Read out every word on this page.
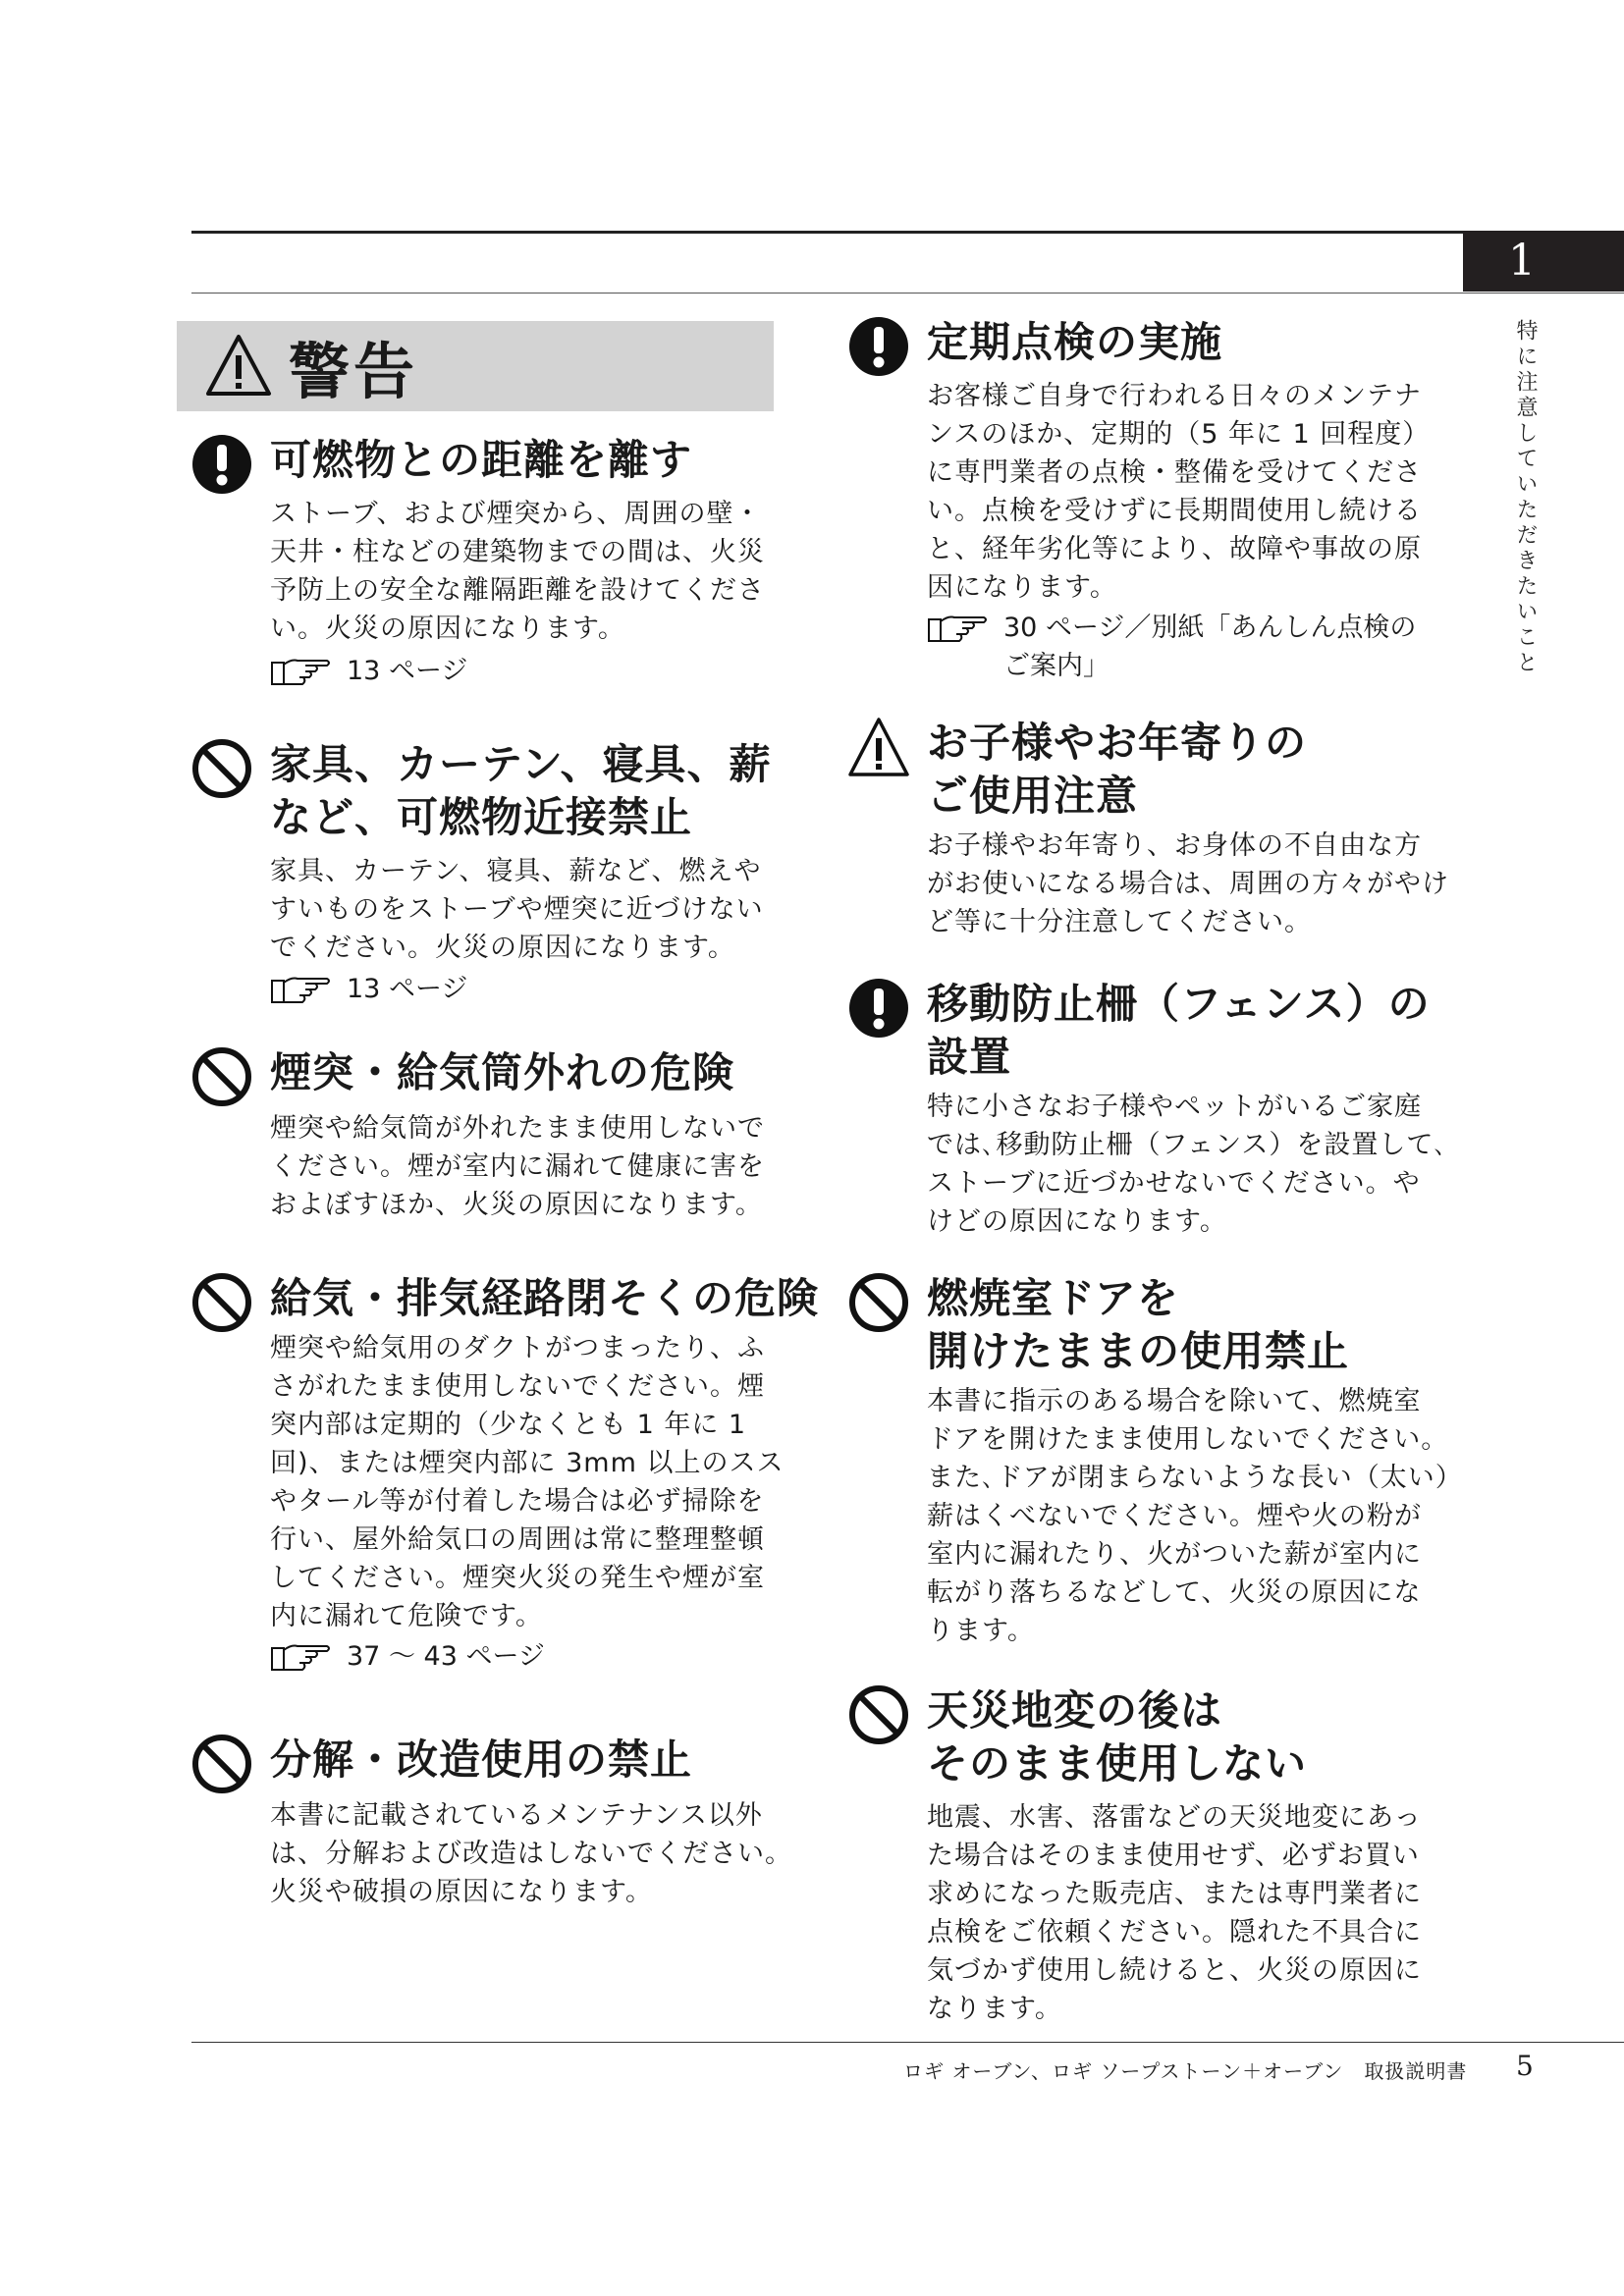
1
特に注意していただきたいこと
警告
可燃物との距離を離す
ストーブ、および煙突から、周囲の壁・
天井・柱などの建築物までの間は、火災
予防上の安全な離隔距離を設けてくださ
い。火災の原因になります。
13 ページ
家具、カーテン、寝具、薪
など、可燃物近接禁止
家具、カーテン、寝具、薪など、燃えや
すいものをストーブや煙突に近づけない
でください。火災の原因になります。
13 ページ
煙突・給気筒外れの危険
煙突や給気筒が外れたまま使用しないで
ください。煙が室内に漏れて健康に害を
およぼすほか、火災の原因になります。
給気・排気経路閉そくの危険
煙突や給気用のダクトがつまったり、ふ
さがれたまま使用しないでください。煙
突内部は定期的（少なくとも 1 年に 1
回)、または煙突内部に 3mm 以上のスス
やタール等が付着した場合は必ず掃除を
行い、屋外給気口の周囲は常に整理整頓
してください。煙突火災の発生や煙が室
内に漏れて危険です。
37 ～ 43 ページ
分解・改造使用の禁止
本書に記載されているメンテナンス以外
は、分解および改造はしないでください。
火災や破損の原因になります。
定期点検の実施
お客様ご自身で行われる日々のメンテナ
ンスのほか、定期的（5 年に 1 回程度）
に専門業者の点検・整備を受けてくださ
い。点検を受けずに長期間使用し続ける
と、経年劣化等により、故障や事故の原
因になります。
30 ページ／別紙「あんしん点検の
ご案内」
お子様やお年寄りの
ご使用注意
お子様やお年寄り、お身体の不自由な方
がお使いになる場合は、周囲の方々がやけ
ど等に十分注意してください。
移動防止柵（フェンス）の
設置
特に小さなお子様やペットがいるご家庭
では､移動防止柵（フェンス）を設置して､
ストーブに近づかせないでください。や
けどの原因になります。
燃焼室ドアを
開けたままの使用禁止
本書に指示のある場合を除いて、燃焼室
ドアを開けたまま使用しないでください。
また､ドアが閉まらないような長い（太い）
薪はくべないでください。煙や火の粉が
室内に漏れたり、火がついた薪が室内に
転がり落ちるなどして、火災の原因にな
ります。
天災地変の後は
そのまま使用しない
地震、水害、落雷などの天災地変にあっ
た場合はそのまま使用せず、必ずお買い
求めになった販売店、または専門業者に
点検をご依頼ください。隠れた不具合に
気づかず使用し続けると、火災の原因に
なります。
ロギ オーブン、ロギ ソープストーン＋オーブン　取扱説明書 5
